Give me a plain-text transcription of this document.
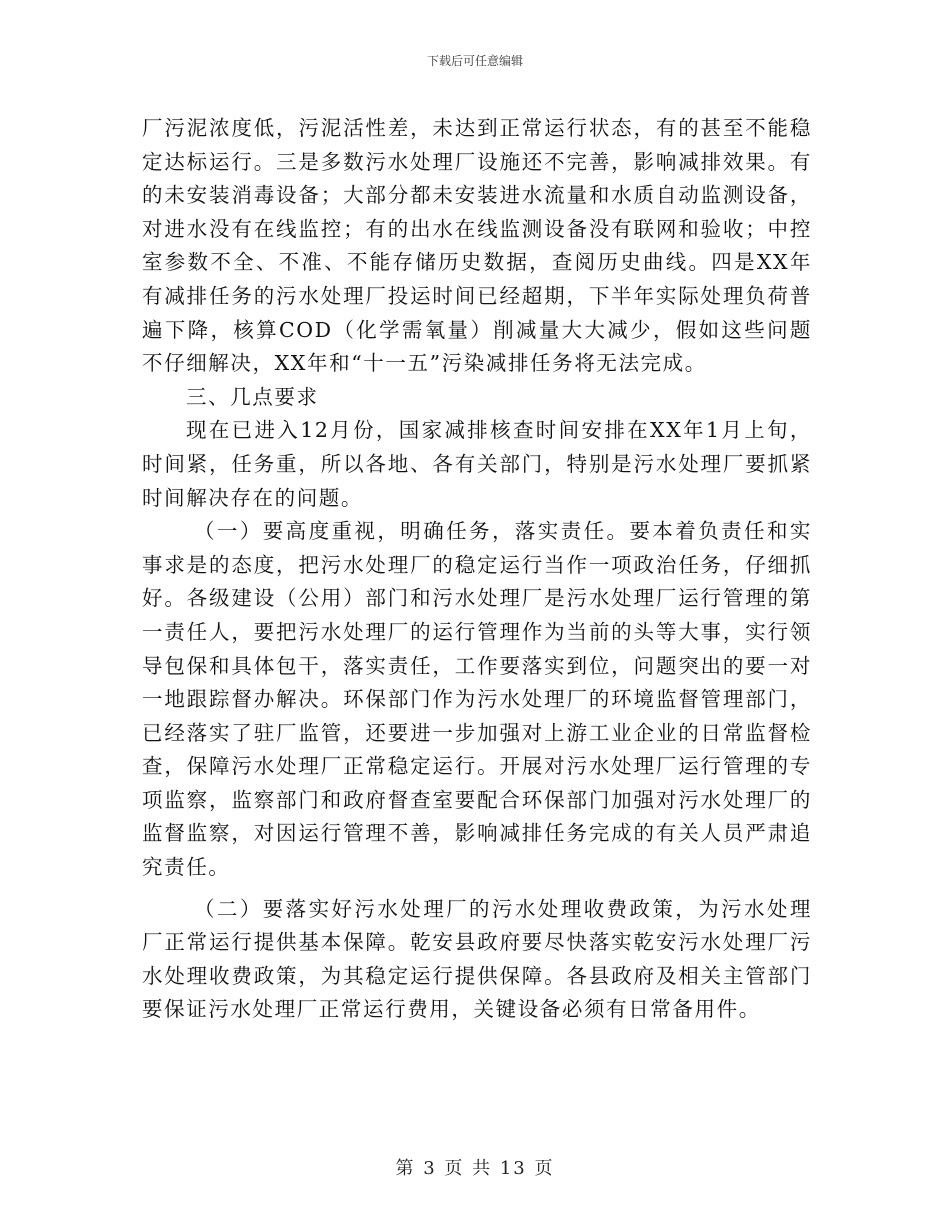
下载后可任意编辑

厂污泥浓度低，污泥活性差，未达到正常运行状态，有的甚至不能稳定达标运行。三是多数污水处理厂设施还不完善，影响减排效果。有的未安装消毒设备；大部分都未安装进水流量和水质自动监测设备，对进水没有在线监控；有的出水在线监测设备没有联网和验收；中控室参数不全、不准、不能存储历史数据，查阅历史曲线。四是XX年有减排任务的污水处理厂投运时间已经超期，下半年实际处理负荷普遍下降，核算COD（化学需氧量）削减量大大减少，假如这些问题不仔细解决，XX年和“十一五”污染减排任务将无法完成。

三、几点要求

现在已进入12月份，国家减排核查时间安排在XX年1月上旬，时间紧，任务重，所以各地、各有关部门，特别是污水处理厂要抓紧时间解决存在的问题。

（一）要高度重视，明确任务，落实责任。要本着负责任和实事求是的态度，把污水处理厂的稳定运行当作一项政治任务，仔细抓好。各级建设（公用）部门和污水处理厂是污水处理厂运行管理的第一责任人，要把污水处理厂的运行管理作为当前的头等大事，实行领导包保和具体包干，落实责任，工作要落实到位，问题突出的要一对一地跟踪督办解决。环保部门作为污水处理厂的环境监督管理部门，已经落实了驻厂监管，还要进一步加强对上游工业企业的日常监督检查，保障污水处理厂正常稳定运行。开展对污水处理厂运行管理的专项监察，监察部门和政府督查室要配合环保部门加强对污水处理厂的监督监察，对因运行管理不善，影响减排任务完成的有关人员严肃追究责任。

（二）要落实好污水处理厂的污水处理收费政策，为污水处理厂正常运行提供基本保障。乾安县政府要尽快落实乾安污水处理厂污水处理收费政策，为其稳定运行提供保障。各县政府及相关主管部门要保证污水处理厂正常运行费用，关键设备必须有日常备用件。

第 3 页 共 13 页
